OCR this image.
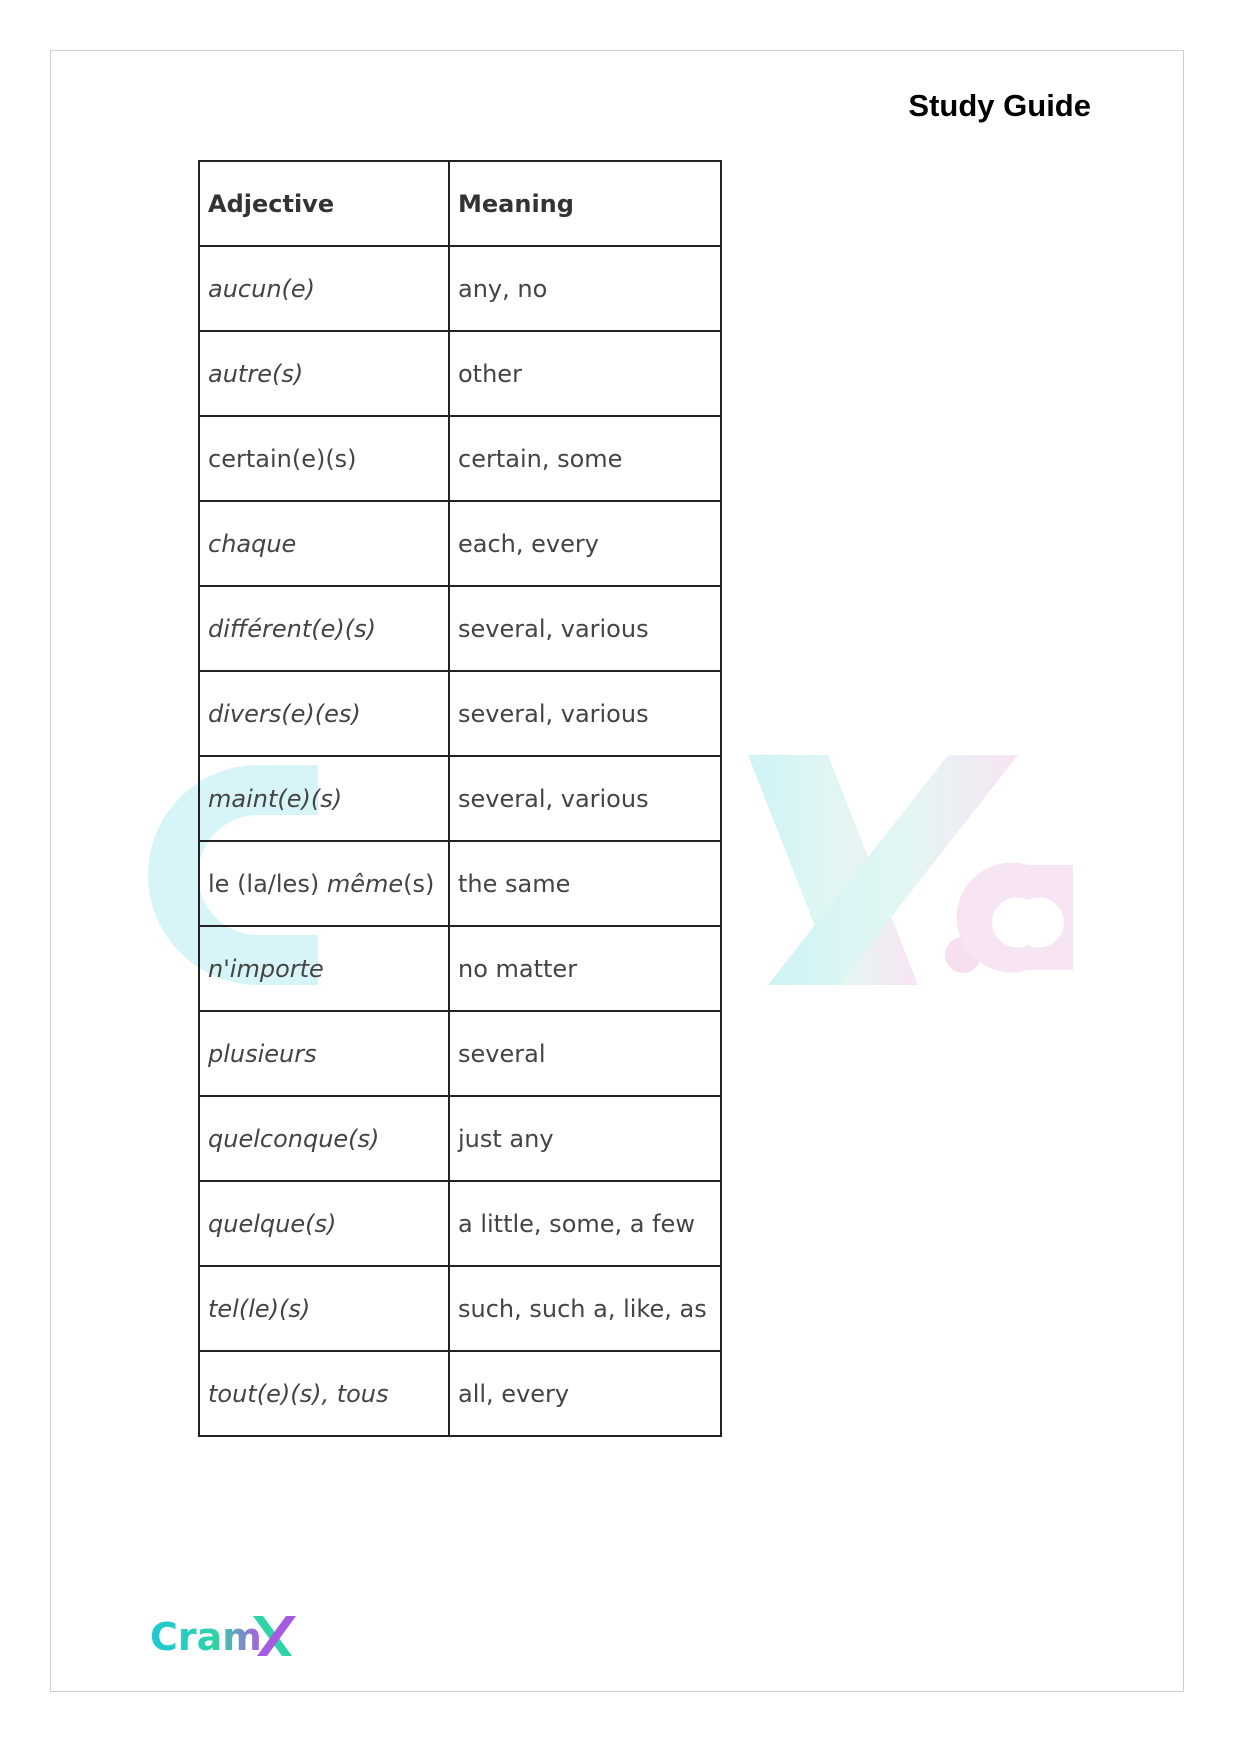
Study Guide
Adjective	Meaning
aucun(e)	any, no
autre(s)	other
certain(e)(s)	certain, some
chaque	each, every
différent(e)(s)	several, various
divers(e)(es)	several, various
maint(e)(s)	several, various
le (la/les) même(s)	the same
n'importe	no matter
plusieurs	several
quelconque(s)	just any
quelque(s)	a little, some, a few
tel(le)(s)	such, such a, like, as
tout(e)(s), tous	all, every
Cram
